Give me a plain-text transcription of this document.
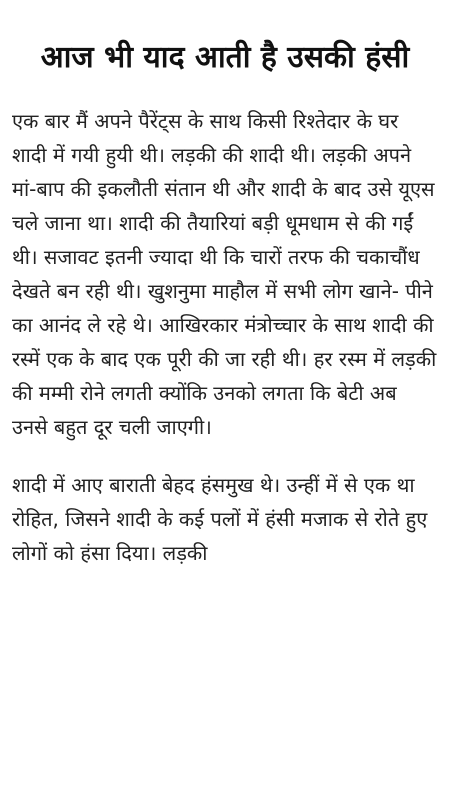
आज भी याद आती है उसकी हंसी

एक बार मैं अपने पैरेंट्स के साथ किसी रिश्तेदार के घर शादी में गयी हुयी थी। लड़की की शादी थी। लड़की अपने मां-बाप की इकलौती संतान थी और शादी के बाद उसे यूएस चले जाना था। शादी की तैयारियां बड़ी धूमधाम से की गईं थी। सजावट इतनी ज्यादा थी कि चारों तरफ की चकाचौंध देखते बन रही थी। खुशनुमा माहौल में सभी लोग खाने- पीने का आनंद ले रहे थे। आखिरकार मंत्रोच्चार के साथ शादी की रस्में एक के बाद एक पूरी की जा रही थी। हर रस्म में लड़की की मम्मी रोने लगती क्योंकि उनको लगता कि बेटी अब उनसे बहुत दूर चली जाएगी।

शादी में आए बाराती बेहद हंसमुख थे। उन्हीं में से एक था रोहित, जिसने शादी के कई पलों में हंसी मजाक से रोते हुए लोगों को हंसा दिया। लड़की
